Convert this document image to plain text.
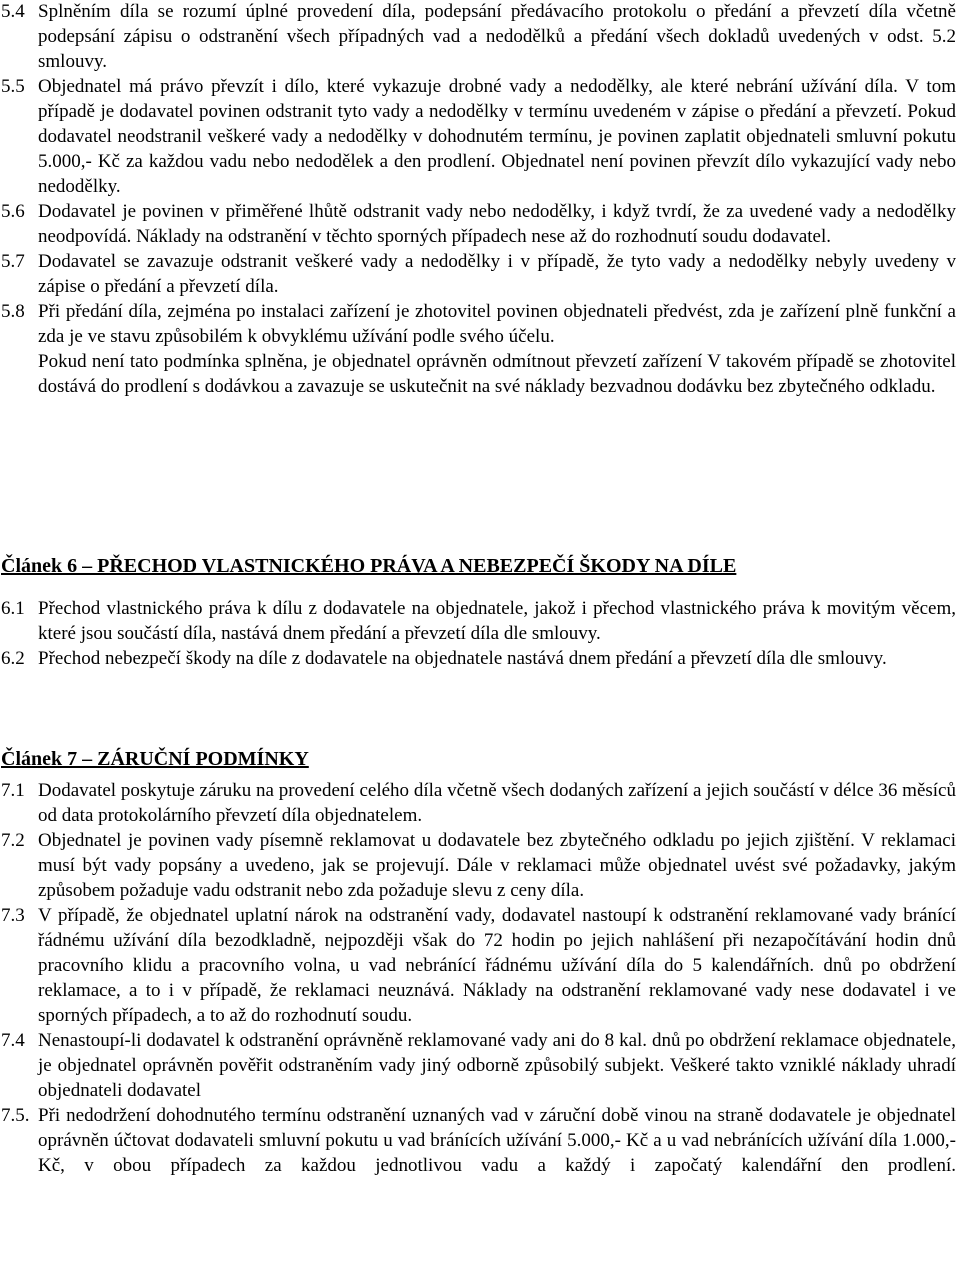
5.4 Splněním díla se rozumí úplné provedení díla, podepsání předávacího protokolu o předání a převzetí díla včetně podepsání zápisu o odstranění všech případných vad a nedodělků a předání všech dokladů uvedených v odst. 5.2 smlouvy.
5.5 Objednatel má právo převzít i dílo, které vykazuje drobné vady a nedodělky, ale které nebrání užívání díla. V tom případě je dodavatel povinen odstranit tyto vady a nedodělky v termínu uvedeném v zápise o předání a převzetí. Pokud dodavatel neodstranil veškeré vady a nedodělky v dohodnutém termínu, je povinen zaplatit objednateli smluvní pokutu 5.000,- Kč za každou vadu nebo nedodělek a den prodlení. Objednatel není povinen převzít dílo vykazující vady nebo nedodělky.
5.6 Dodavatel je povinen v přiměřené lhůtě odstranit vady nebo nedodělky, i když tvrdí, že za uvedené vady a nedodělky neodpovídá. Náklady na odstranění v těchto sporných případech nese až do rozhodnutí soudu dodavatel.
5.7 Dodavatel se zavazuje odstranit veškeré vady a nedodělky i v případě, že tyto vady a nedodělky nebyly uvedeny v zápise o předání a převzetí díla.
5.8 Při předání díla, zejména po instalaci zařízení je zhotovitel povinen objednateli předvést, zda je zařízení plně funkční a zda je ve stavu způsobilém k obvyklému užívání podle svého účelu.
Pokud není tato podmínka splněna, je objednatel oprávněn odmítnout převzetí zařízení V takovém případě se zhotovitel dostává do prodlení s dodávkou a zavazuje se uskutečnit na své náklady bezvadnou dodávku bez zbytečného odkladu.
Článek 6 – PŘECHOD VLASTNICKÉHO PRÁVA A NEBEZPEČÍ ŠKODY NA DÍLE
6.1 Přechod vlastnického práva k dílu z dodavatele na objednatele, jakož i přechod vlastnického práva k movitým věcem, které jsou součástí díla, nastává dnem předání a převzetí díla dle smlouvy.
6.2 Přechod nebezpečí škody na díle z dodavatele na objednatele nastává dnem předání a převzetí díla dle smlouvy.
Článek 7 – ZÁRUČNÍ PODMÍNKY
7.1 Dodavatel poskytuje záruku na provedení celého díla včetně všech dodaných zařízení a jejich součástí v délce 36 měsíců od data protokolárního převzetí díla objednatelem.
7.2 Objednatel je povinen vady písemně reklamovat u dodavatele bez zbytečného odkladu po jejich zjištění. V reklamaci musí být vady popsány a uvedeno, jak se projevují. Dále v reklamaci může objednatel uvést své požadavky, jakým způsobem požaduje vadu odstranit nebo zda požaduje slevu z ceny díla.
7.3 V případě, že objednatel uplatní nárok na odstranění vady, dodavatel nastoupí k odstranění reklamované vady bránící řádnému užívání díla bezodkladně, nejpozději však do 72 hodin po jejich nahlášení při nezapočítávání hodin dnů pracovního klidu a pracovního volna, u vad nebránící řádnému užívání díla do 5 kalendářních. dnů po obdržení reklamace, a to i v případě, že reklamaci neuznává. Náklady na odstranění reklamované vady nese dodavatel i ve sporných případech, a to až do rozhodnutí soudu.
7.4 Nenastoupí-li dodavatel k odstranění oprávněně reklamované vady ani do 8 kal. dnů po obdržení reklamace objednatele, je objednatel oprávněn pověřit odstraněním vady jiný odborně způsobilý subjekt. Veškeré takto vzniklé náklady uhradí objednateli dodavatel
7.5. Při nedodržení dohodnutého termínu odstranění uznaných vad v záruční době vinou na straně dodavatele je objednatel oprávněn účtovat dodavateli smluvní pokutu u vad bránících užívání 5.000,- Kč a u vad nebránících užívání díla 1.000,- Kč, v obou případech za každou jednotlivou vadu a každý i započatý kalendářní den prodlení.
